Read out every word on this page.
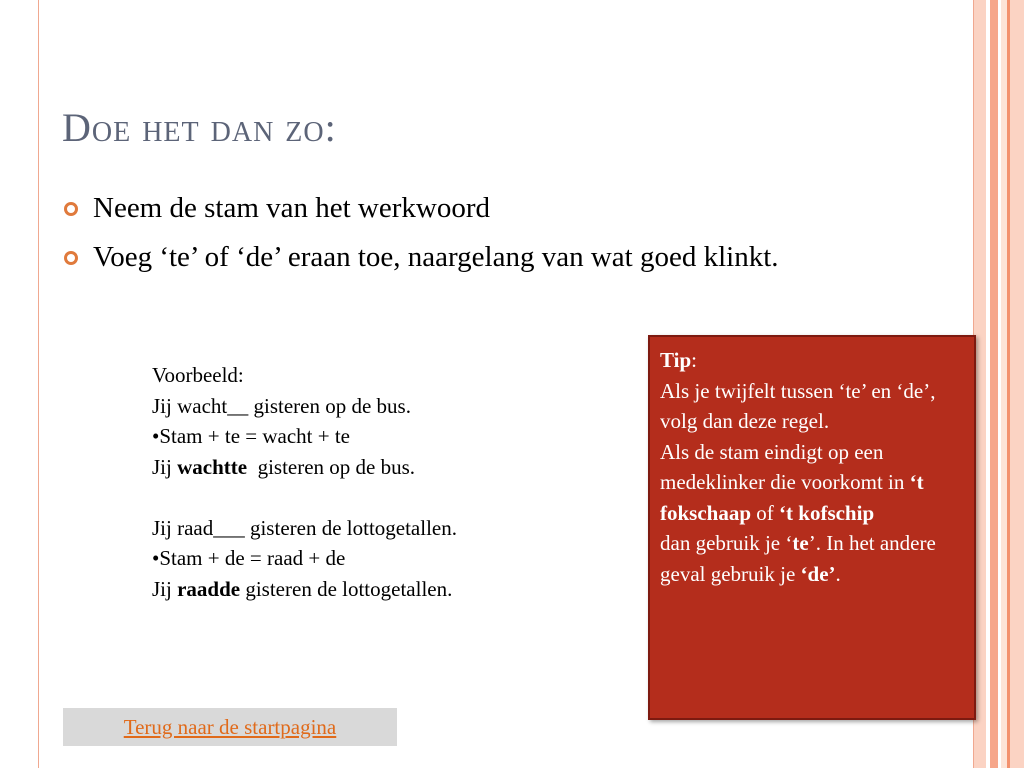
Doe het dan zo:
Neem de stam van het werkwoord
Voeg ‘te’ of ‘de’ eraan toe, naargelang van wat goed klinkt.
Voorbeeld:
Jij wacht__ gisteren op de bus.
•Stam + te = wacht + te
Jij wachtte  gisteren op de bus.
Jij raad___ gisteren de lottogetallen.
•Stam + de = raad + de
Jij raadde gisteren de lottogetallen.
Tip:
Als je twijfelt tussen ‘te’ en ‘de’,
volg dan deze regel.
Als de stam eindigt op een medeklinker die voorkomt in ‘t fokschaap of ‘t kofschip
dan gebruik je ‘te’. In het andere geval gebruik je ‘de’.
Terug naar de startpagina
